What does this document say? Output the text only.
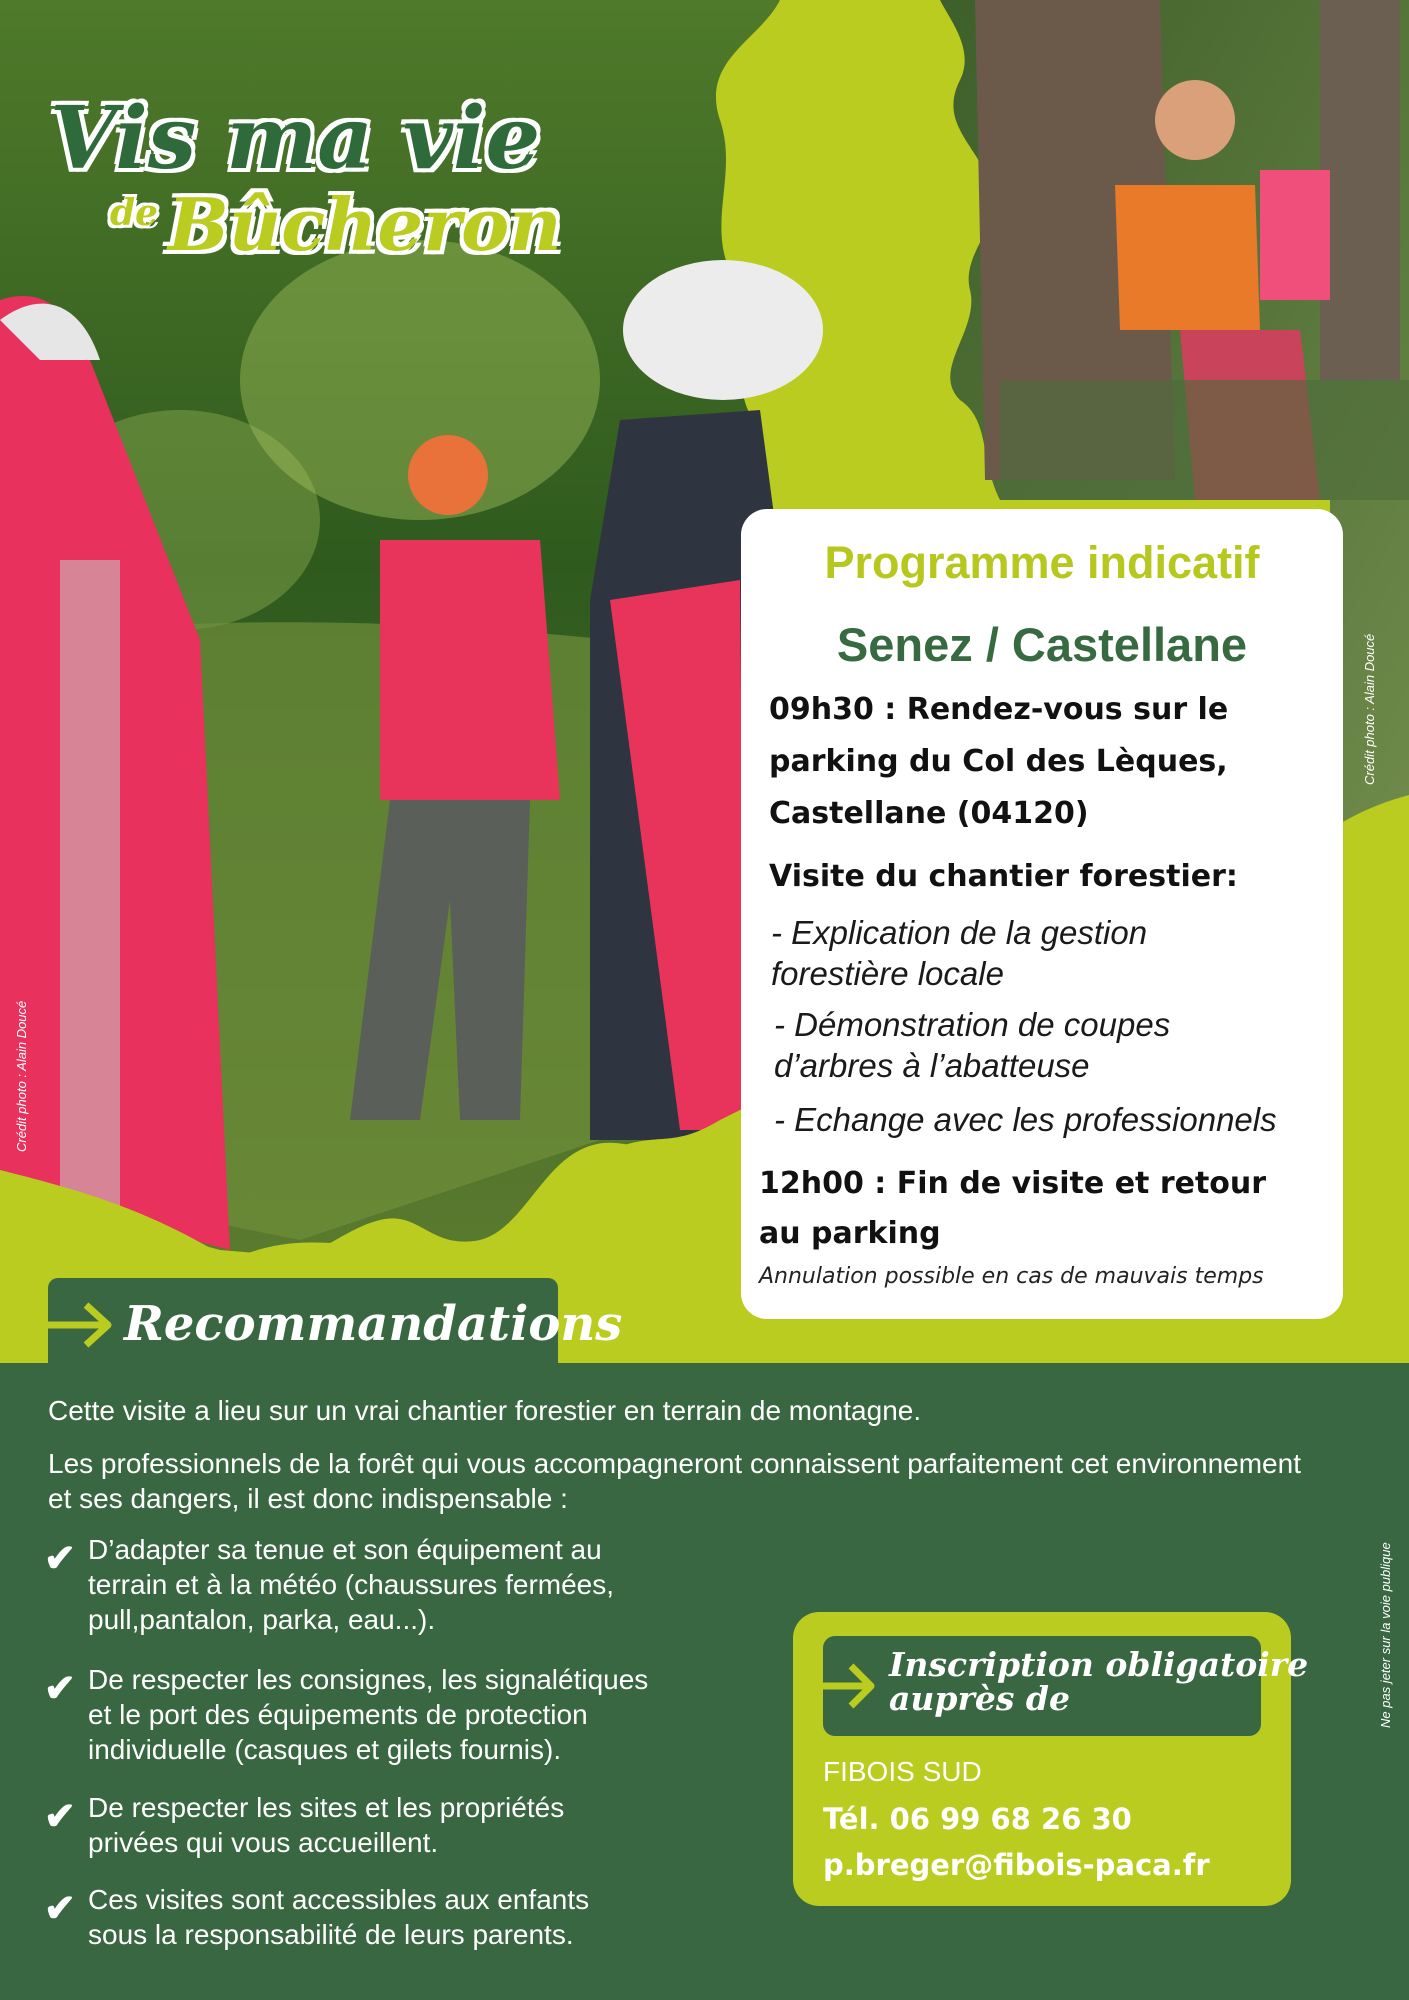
Vis ma vie
de Bûcheron
Crédit photo : Alain Doucé
Crédit photo : Alain Doucé
Programme indicatif
Senez / Castellane
09h30 : Rendez-vous sur le
parking du Col des Lèques,
Castellane (04120)
Visite du chantier forestier:
- Explication de la gestion
forestière locale
- Démonstration de coupes
d’arbres à l’abatteuse
- Echange avec les professionnels
12h00 : Fin de visite et retour
au parking
Annulation possible en cas de mauvais temps
Recommandations
Cette visite a lieu sur un vrai chantier forestier en terrain de montagne.
Les professionnels de la forêt qui vous accompagneront connaissent parfaitement cet environnement
et ses dangers, il est donc indispensable :
✔ D’adapter sa tenue et son équipement au
terrain et à la météo (chaussures fermées,
pull,pantalon, parka, eau...).
✔ De respecter les consignes, les signalétiques
et le port des équipements de protection
individuelle (casques et gilets fournis).
✔ De respecter les sites et les propriétés
privées qui vous accueillent.
✔ Ces visites sont accessibles aux enfants
sous la responsabilité de leurs parents.
Ne pas jeter sur la voie publique
Inscription obligatoire
auprès de
FIBOIS SUD
Tél. 06 99 68 26 30
p.breger@fibois-paca.fr
